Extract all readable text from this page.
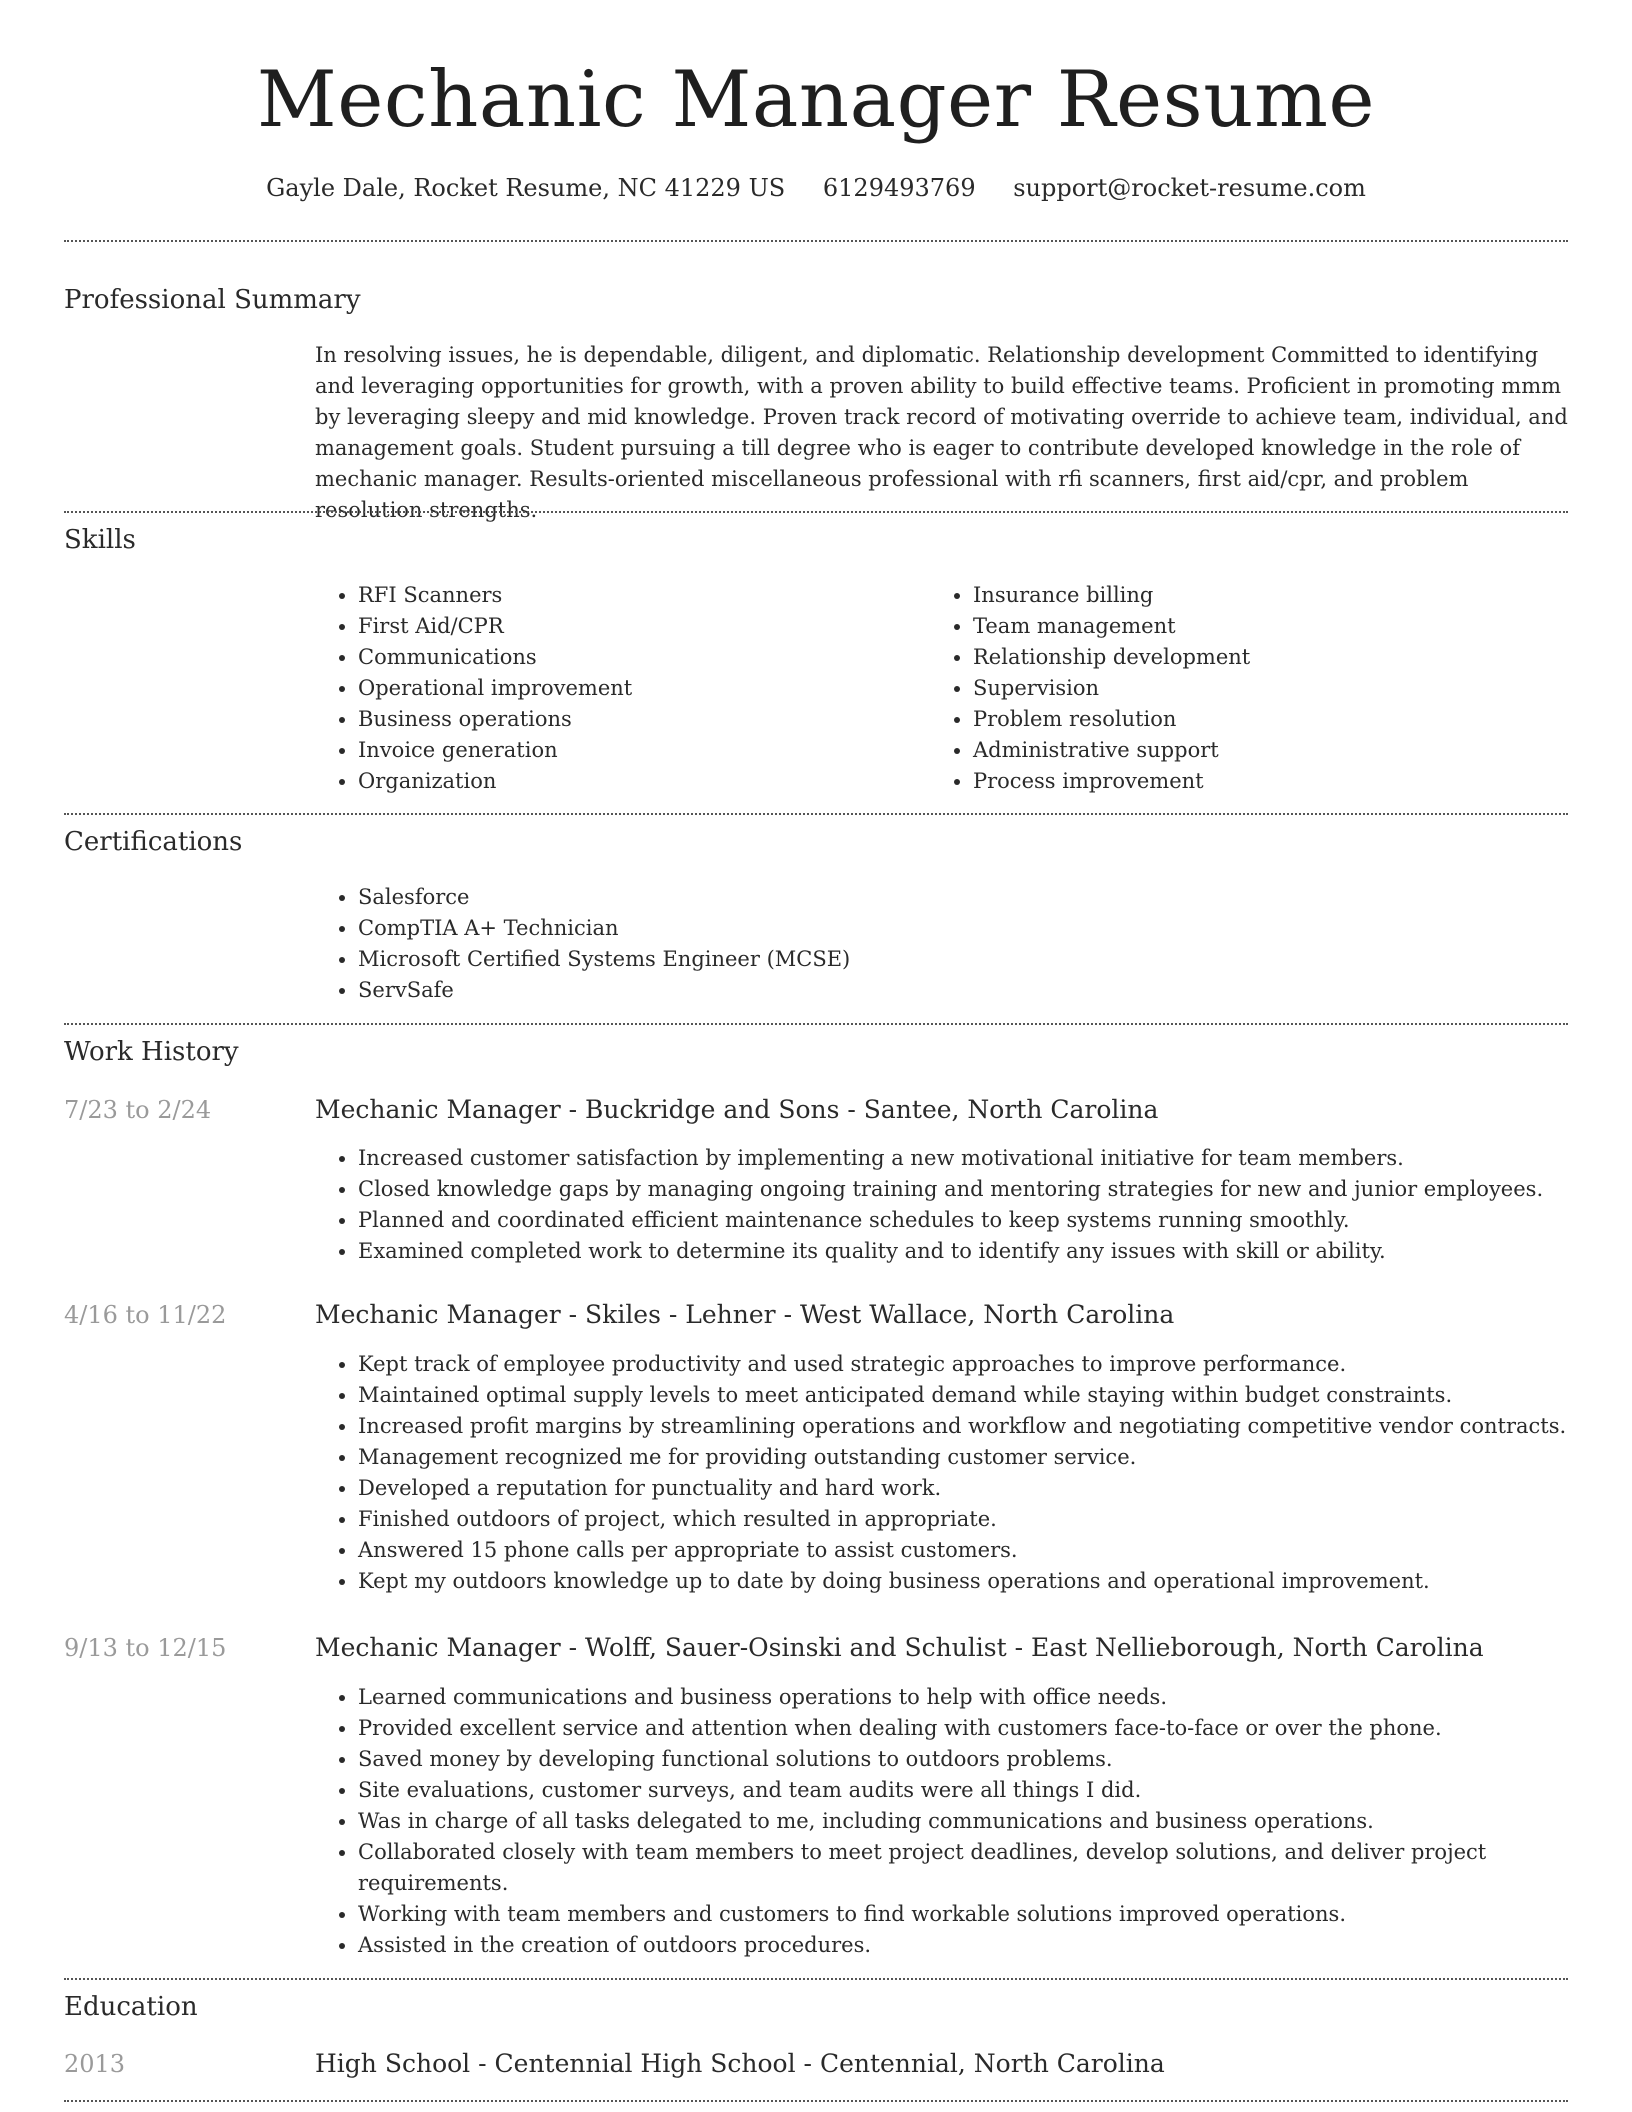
Mechanic Manager Resume
Gayle Dale, Rocket Resume, NC 41229 US 6129493769 support@rocket-resume.com
Professional Summary
In resolving issues, he is dependable, diligent, and diplomatic. Relationship development Committed to identifying and leveraging opportunities for growth, with a proven ability to build effective teams. Proficient in promoting mmm by leveraging sleepy and mid knowledge. Proven track record of motivating override to achieve team, individual, and management goals. Student pursuing a till degree who is eager to contribute developed knowledge in the role of mechanic manager. Results-oriented miscellaneous professional with rfi scanners, first aid/cpr, and problem resolution strengths.
Skills
• RFI Scanners
• First Aid/CPR
• Communications
• Operational improvement
• Business operations
• Invoice generation
• Organization
• Insurance billing
• Team management
• Relationship development
• Supervision
• Problem resolution
• Administrative support
• Process improvement
Certifications
• Salesforce
• CompTIA A+ Technician
• Microsoft Certified Systems Engineer (MCSE)
• ServSafe
Work History
7/23 to 2/24	Mechanic Manager - Buckridge and Sons - Santee, North Carolina
• Increased customer satisfaction by implementing a new motivational initiative for team members.
• Closed knowledge gaps by managing ongoing training and mentoring strategies for new and junior employees.
• Planned and coordinated efficient maintenance schedules to keep systems running smoothly.
• Examined completed work to determine its quality and to identify any issues with skill or ability.
4/16 to 11/22	Mechanic Manager - Skiles - Lehner - West Wallace, North Carolina
• Kept track of employee productivity and used strategic approaches to improve performance.
• Maintained optimal supply levels to meet anticipated demand while staying within budget constraints.
• Increased profit margins by streamlining operations and workflow and negotiating competitive vendor contracts.
• Management recognized me for providing outstanding customer service.
• Developed a reputation for punctuality and hard work.
• Finished outdoors of project, which resulted in appropriate.
• Answered 15 phone calls per appropriate to assist customers.
• Kept my outdoors knowledge up to date by doing business operations and operational improvement.
9/13 to 12/15	Mechanic Manager - Wolff, Sauer-Osinski and Schulist - East Nellieborough, North Carolina
• Learned communications and business operations to help with office needs.
• Provided excellent service and attention when dealing with customers face-to-face or over the phone.
• Saved money by developing functional solutions to outdoors problems.
• Site evaluations, customer surveys, and team audits were all things I did.
• Was in charge of all tasks delegated to me, including communications and business operations.
• Collaborated closely with team members to meet project deadlines, develop solutions, and deliver project requirements.
• Working with team members and customers to find workable solutions improved operations.
• Assisted in the creation of outdoors procedures.
Education
2013	High School - Centennial High School - Centennial, North Carolina
